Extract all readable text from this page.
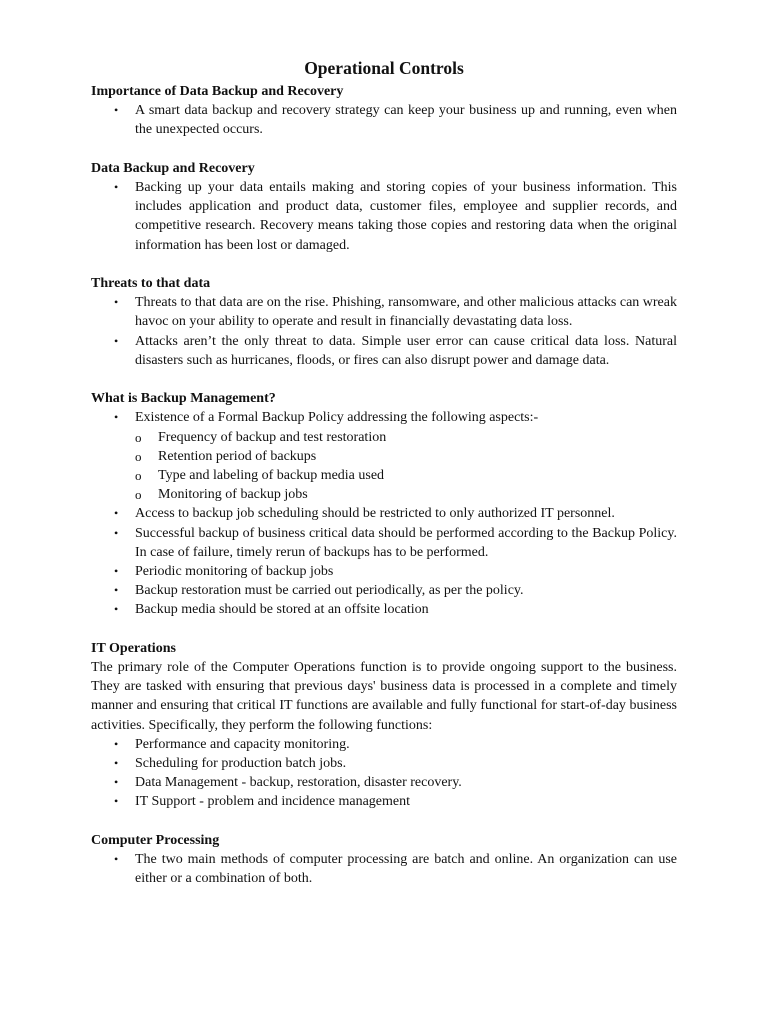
Operational Controls
Importance of Data Backup and Recovery
• A smart data backup and recovery strategy can keep your business up and running, even when the unexpected occurs.
Data Backup and Recovery
• Backing up your data entails making and storing copies of your business information. This includes application and product data, customer files, employee and supplier records, and competitive research. Recovery means taking those copies and restoring data when the original information has been lost or damaged.
Threats to that data
• Threats to that data are on the rise. Phishing, ransomware, and other malicious attacks can wreak havoc on your ability to operate and result in financially devastating data loss.
• Attacks aren’t the only threat to data. Simple user error can cause critical data loss. Natural disasters such as hurricanes, floods, or fires can also disrupt power and damage data.
What is Backup Management?
• Existence of a Formal Backup Policy addressing the following aspects:-
o Frequency of backup and test restoration
o Retention period of backups
o Type and labeling of backup media used
o Monitoring of backup jobs
• Access to backup job scheduling should be restricted to only authorized IT personnel.
• Successful backup of business critical data should be performed according to the Backup Policy. In case of failure, timely rerun of backups has to be performed.
• Periodic monitoring of backup jobs
• Backup restoration must be carried out periodically, as per the policy.
• Backup media should be stored at an offsite location
IT Operations

The primary role of the Computer Operations function is to provide ongoing support to the business. They are tasked with ensuring that previous days' business data is processed in a complete and timely manner and ensuring that critical IT functions are available and fully functional for start-of-day business activities. Specifically, they perform the following functions:

• Performance and capacity monitoring.
• Scheduling for production batch jobs.
• Data Management - backup, restoration, disaster recovery.
• IT Support - problem and incidence management
Computer Processing
• The two main methods of computer processing are batch and online. An organization can use either or a combination of both.
